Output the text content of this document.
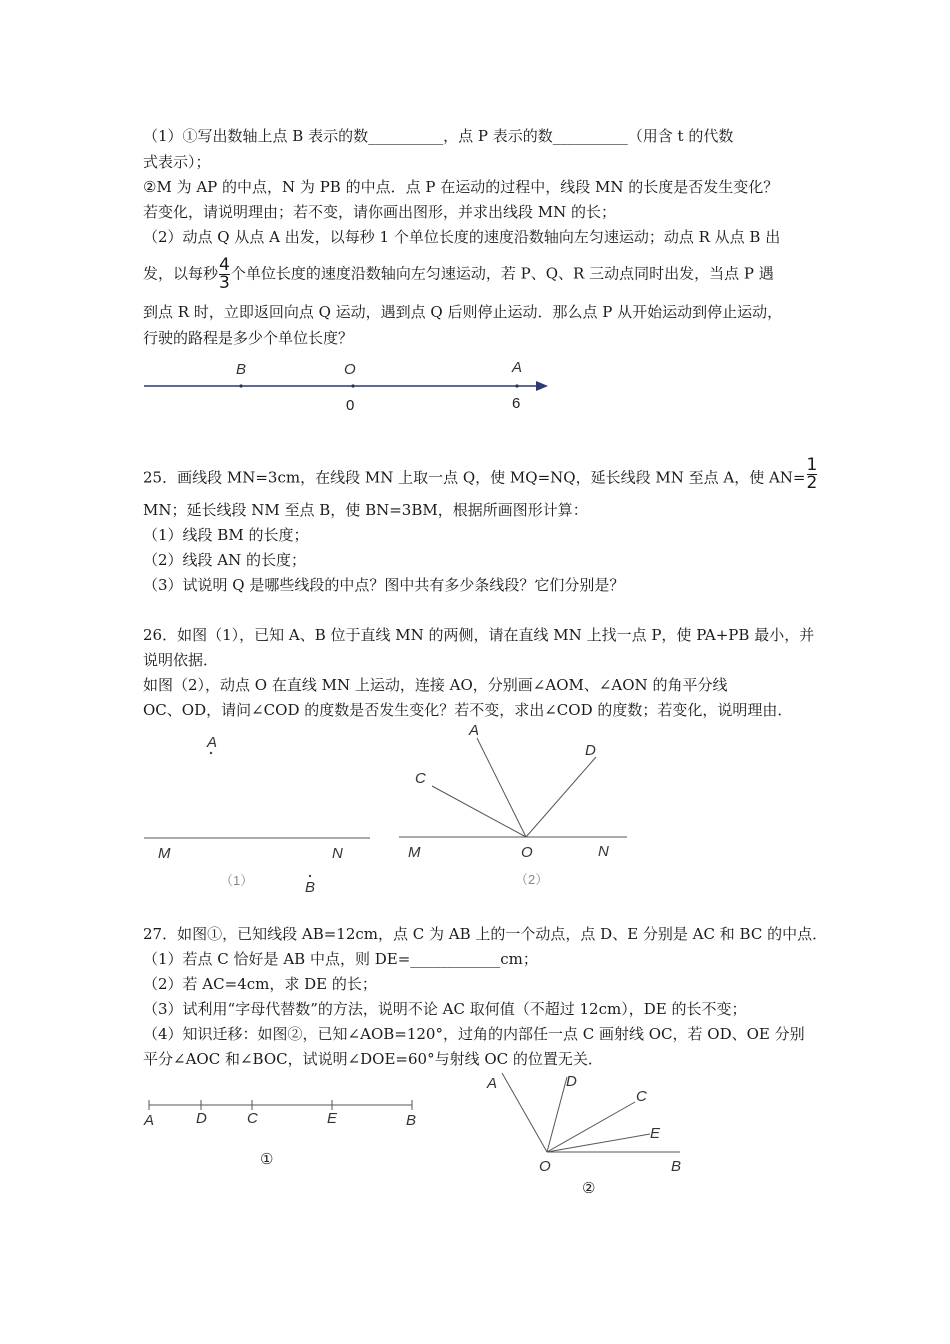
（1）①写出数轴上点 B 表示的数__________，点 P 表示的数__________（用含 t 的代数
式表示）；
②M 为 AP 的中点，N 为 PB 的中点．点 P 在运动的过程中，线段 MN 的长度是否发生变化？
若变化，请说明理由；若不变，请你画出图形，并求出线段 MN 的长；
（2）动点 Q 从点 A 出发，以每秒 1 个单位长度的速度沿数轴向左匀速运动；动点 R 从点 B 出
发，以每秒$\frac{4}{3}$ 个单位长度的速度沿数轴向左匀速运动，若 P、Q、R 三动点同时出发，当点 P 遇
到点 R 时，立即返回向点 Q 运动，遇到点 Q 后则停止运动．那么点 P 从开始运动到停止运动，
行驶的路程是多少个单位长度？
B	O	A
0	6
25．画线段 MN=3cm，在线段 MN 上取一点 Q，使 MQ=NQ，延长线段 MN 至点 A，使 $AN=\frac{1}{2}$
MN；延长线段 NM 至点 B，使 BN=3BM，根据所画图形计算：
（1）线段 BM 的长度；
（2）线段 AN 的长度；
（3）试说明 Q 是哪些线段的中点？图中共有多少条线段？它们分别是？
26．如图（1），已知 A、B 位于直线 MN 的两侧，请在直线 MN 上找一点 P，使 PA+PB 最小，并
说明依据．
如图（2），动点 O 在直线 MN 上运动，连接 AO，分别画∠AOM、∠AON 的角平分线
OC、OD，请问∠COD 的度数是否发生变化？若不变，求出∠COD 的度数；若变化，说明理由．
A
M	N
B
（1）
A
D
C
M	O	N
（2）
27．如图①，已知线段 AB=12cm，点 C 为 AB 上的一个动点，点 D、E 分别是 AC 和 BC 的中点．
（1）若点 C 恰好是 AB 中点，则 DE=____________cm；
（2）若 AC=4cm，求 DE 的长；
（3）试利用“字母代替数”的方法，说明不论 AC 取何值（不超过 12cm），DE 的长不变；
（4）知识迁移：如图②，已知∠AOB=120°，过角的内部任一点 C 画射线 OC，若 OD、OE 分别
平分∠AOC 和∠BOC，试说明∠DOE=60°与射线 OC 的位置无关．
A	D	C	E	B
①
A	D
C
E
O	B
②
